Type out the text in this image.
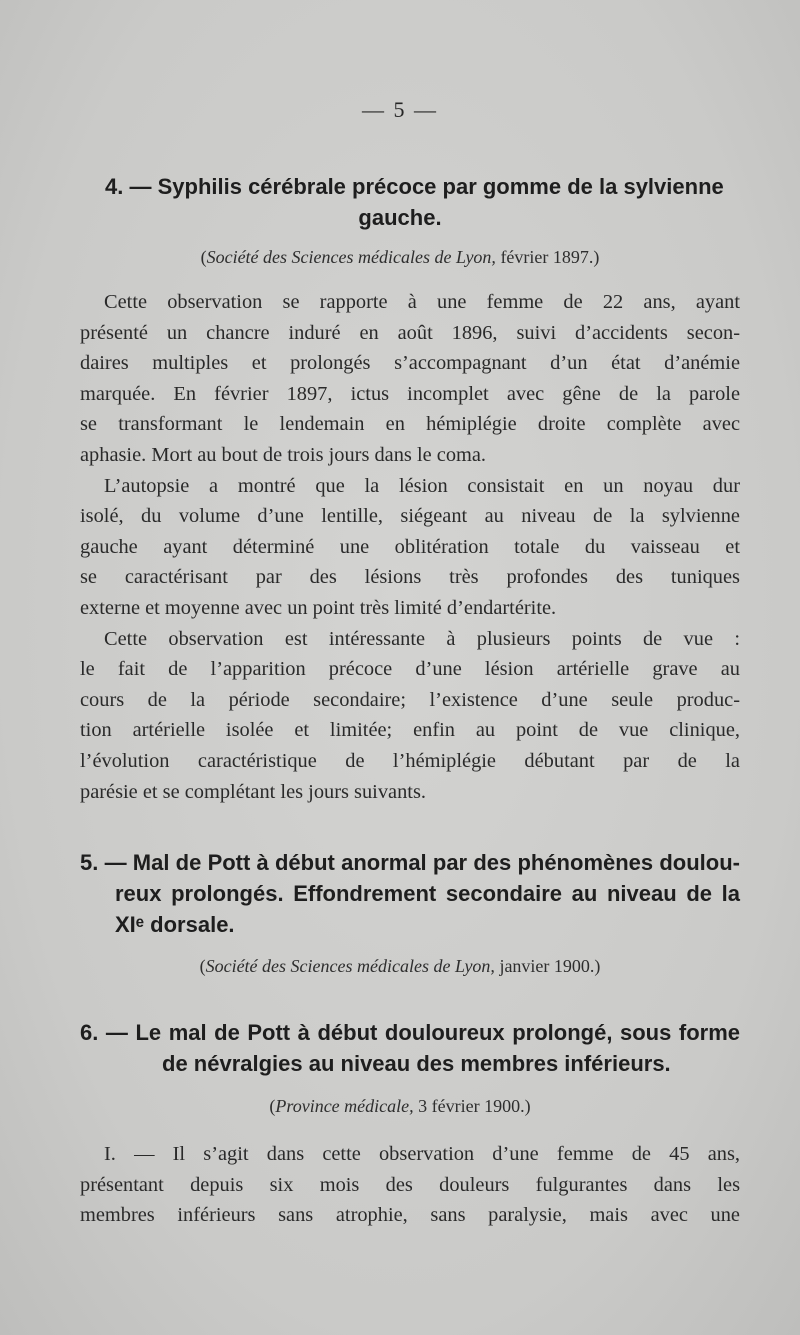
— 5 —
4. — Syphilis cérébrale précoce par gomme de la sylvienne
gauche.
(Société des Sciences médicales de Lyon, février 1897.)

Cette observation se rapporte à une femme de 22 ans, ayant
présenté un chancre induré en août 1896, suivi d’accidents secon-
daires multiples et prolongés s’accompagnant d’un état d’anémie
marquée. En février 1897, ictus incomplet avec gêne de la parole
se transformant le lendemain en hémiplégie droite complète avec
aphasie. Mort au bout de trois jours dans le coma.

L’autopsie a montré que la lésion consistait en un noyau dur
isolé, du volume d’une lentille, siégeant au niveau de la sylvienne
gauche ayant déterminé une oblitération totale du vaisseau et
se caractérisant par des lésions très profondes des tuniques
externe et moyenne avec un point très limité d’endartérite.

Cette observation est intéressante à plusieurs points de vue :
le fait de l’apparition précoce d’une lésion artérielle grave au
cours de la période secondaire; l’existence d’une seule produc-
tion artérielle isolée et limitée; enfin au point de vue clinique,
l’évolution caractéristique de l’hémiplégie débutant par de la
parésie et se complétant les jours suivants.

5. — Mal de Pott à début anormal par des phénomènes doulou-
reux prolongés. Effondrement secondaire au niveau de la
XIᵉ dorsale.
(Société des Sciences médicales de Lyon, janvier 1900.)
6. — Le mal de Pott à début douloureux prolongé, sous forme
de névralgies au niveau des membres inférieurs.
(Province médicale, 3 février 1900.)

I. — Il s’agit dans cette observation d’une femme de 45 ans,
présentant depuis six mois des douleurs fulgurantes dans les
membres inférieurs sans atrophie, sans paralysie, mais avec une
